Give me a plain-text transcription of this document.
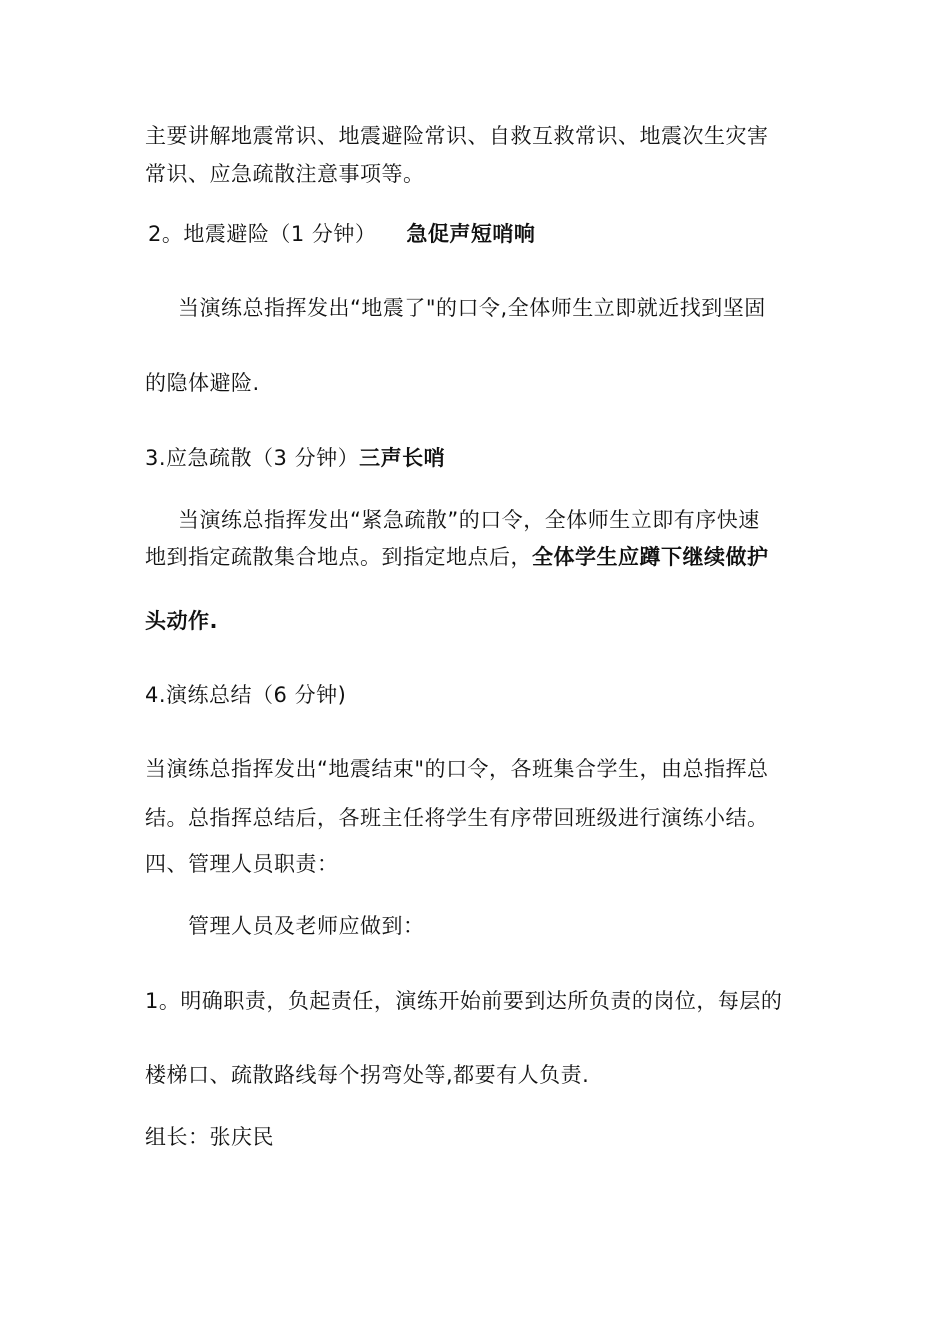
主要讲解地震常识、地震避险常识、自救互救常识、地震次生灾害
常识、应急疏散注意事项等。
2。地震避险（1 分钟） 急促声短哨响
当演练总指挥发出“地震了"的口令,全体师生立即就近找到坚固
的隐体避险.
3.应急疏散（3 分钟）三声长哨
当演练总指挥发出“紧急疏散”的口令，全体师生立即有序快速
地到指定疏散集合地点。到指定地点后，全体学生应蹲下继续做护
头动作.
4.演练总结（6 分钟)
当演练总指挥发出“地震结束"的口令，各班集合学生，由总指挥总
结。总指挥总结后，各班主任将学生有序带回班级进行演练小结。
四、管理人员职责：
管理人员及老师应做到：
1。明确职责，负起责任，演练开始前要到达所负责的岗位，每层的
楼梯口、疏散路线每个拐弯处等,都要有人负责.
组长：张庆民
